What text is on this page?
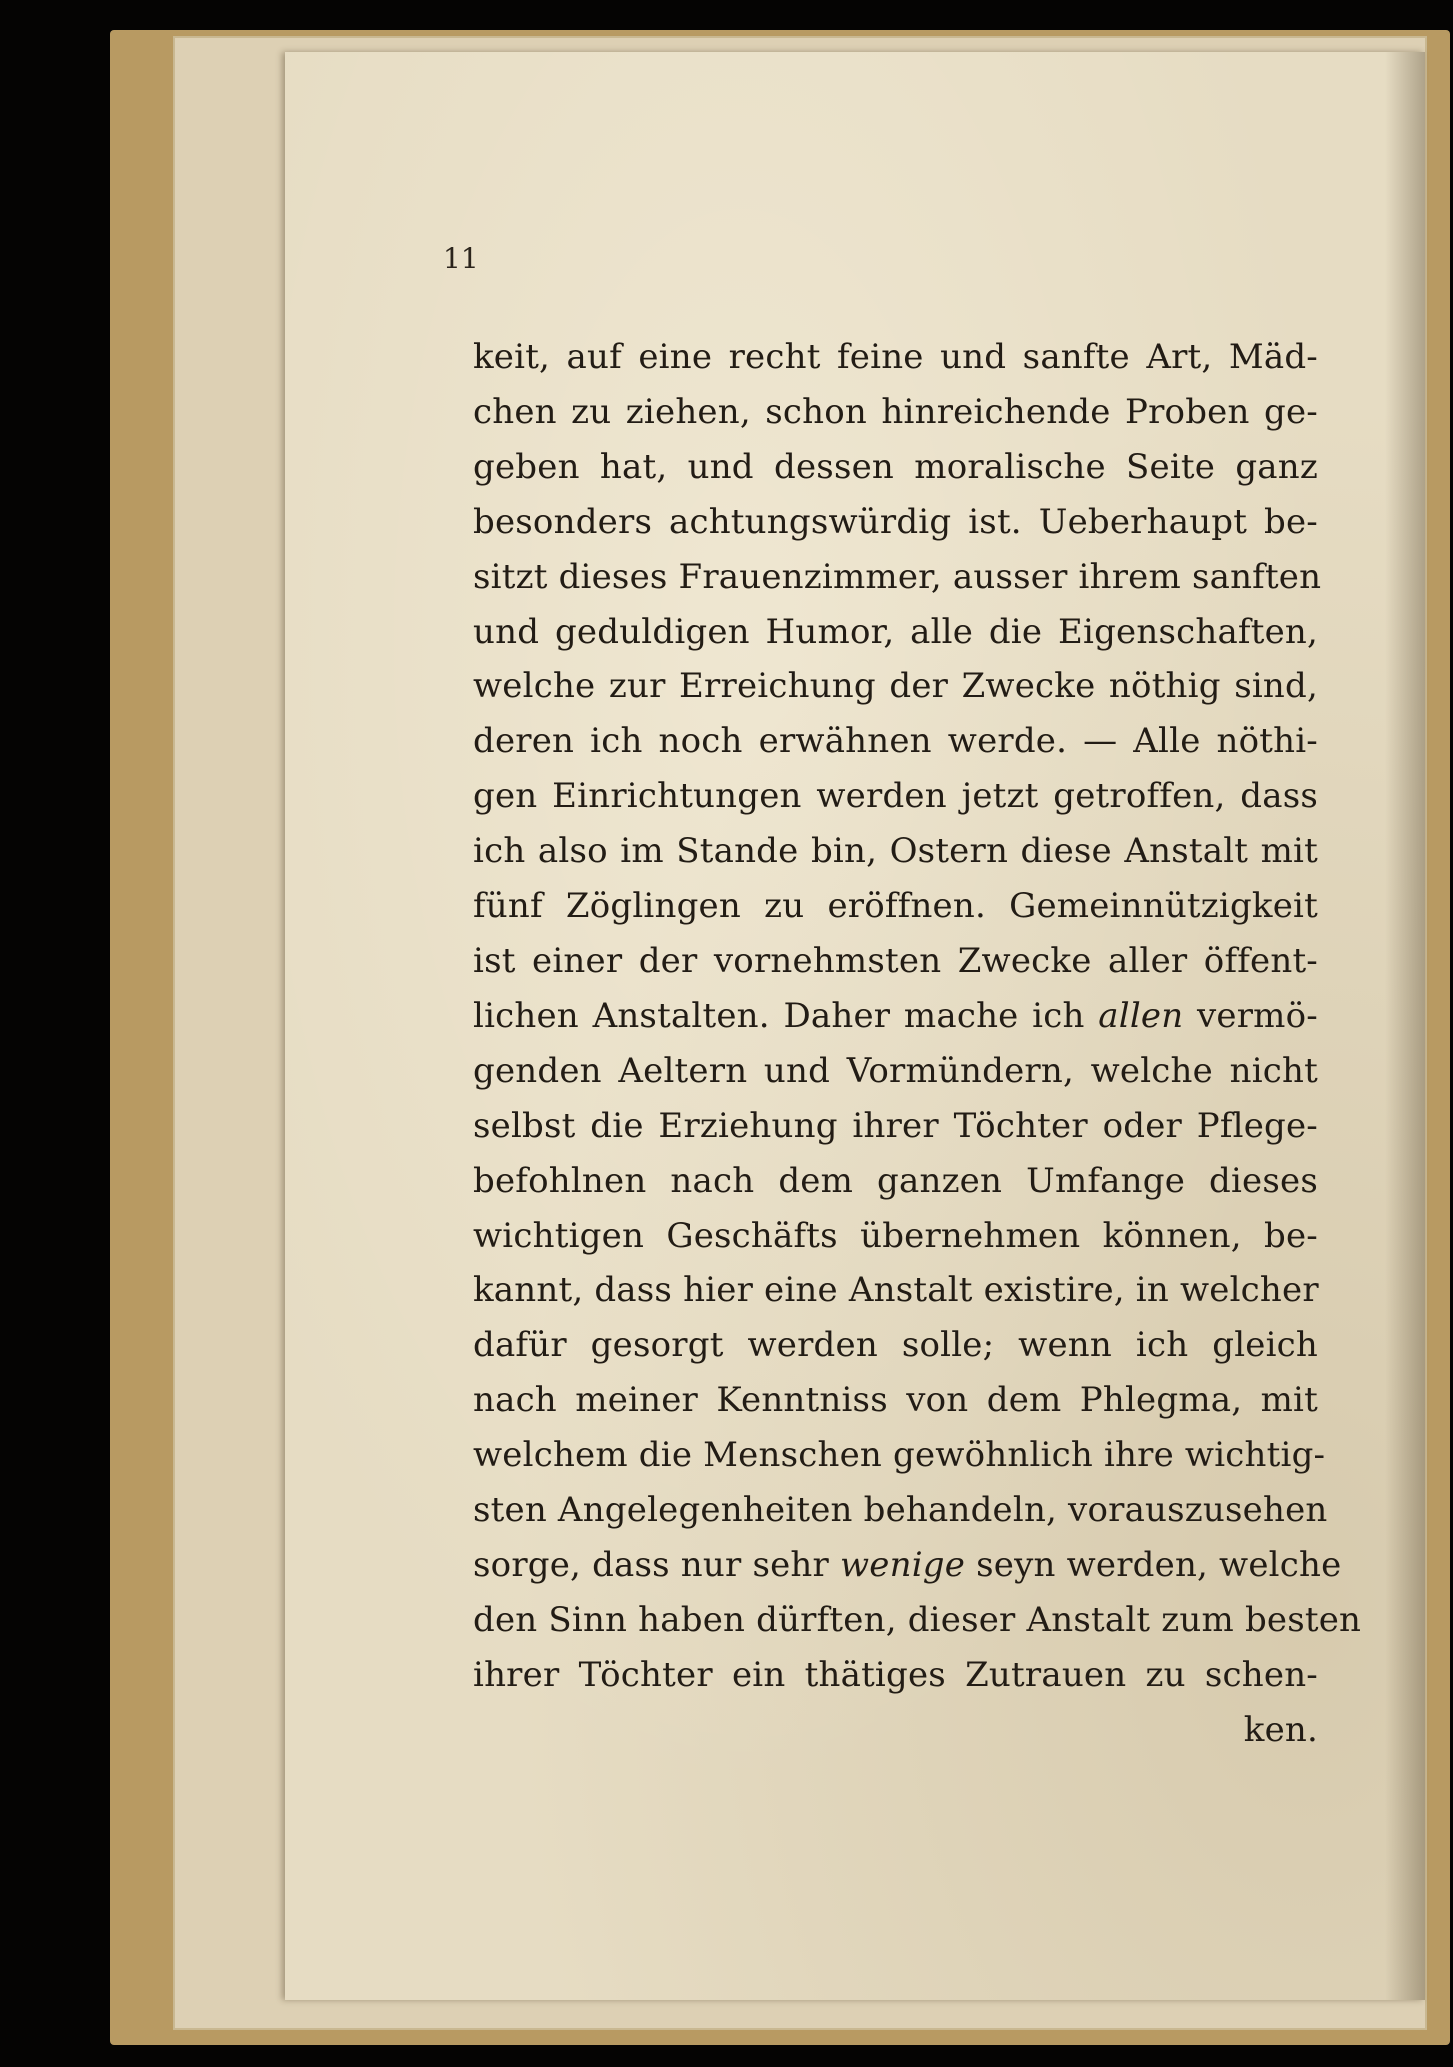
11
keit, auf eine recht feine und sanfte Art, Mäd-
chen zu ziehen, schon hinreichende Proben ge-
geben hat, und dessen moralische Seite ganz
besonders achtungswürdig ist. Ueberhaupt be-
sitzt dieses Frauenzimmer, ausser ihrem sanften
und geduldigen Humor, alle die Eigenschaften,
welche zur Erreichung der Zwecke nöthig sind,
deren ich noch erwähnen werde. — Alle nöthi-
gen Einrichtungen werden jetzt getroffen, dass
ich also im Stande bin, Ostern diese Anstalt mit
fünf Zöglingen zu eröffnen. Gemeinnützigkeit
ist einer der vornehmsten Zwecke aller öffent-
lichen Anstalten. Daher mache ich allen vermö-
genden Aeltern und Vormündern, welche nicht
selbst die Erziehung ihrer Töchter oder Pflege-
befohlnen nach dem ganzen Umfange dieses
wichtigen Geschäfts übernehmen können, be-
kannt, dass hier eine Anstalt existire, in welcher
dafür gesorgt werden solle; wenn ich gleich
nach meiner Kenntniss von dem Phlegma, mit
welchem die Menschen gewöhnlich ihre wichtig-
sten Angelegenheiten behandeln, vorauszusehen
sorge, dass nur sehr wenige seyn werden, welche
den Sinn haben dürften, dieser Anstalt zum besten
ihrer Töchter ein thätiges Zutrauen zu schen-
ken.
